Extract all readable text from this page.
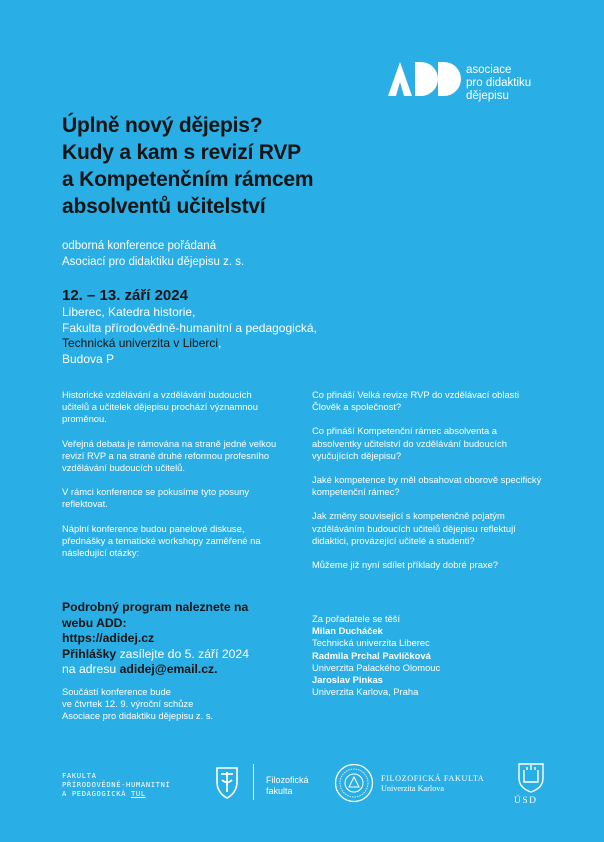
asociace
pro didaktiku
dějepisu
Úplně nový dějepis?
Kudy a kam s revizí RVP
a Kompetenčním rámcem
absolventů učitelství
odborná konference pořádaná
Asociací pro didaktiku dějepisu z. s.
12. – 13. září 2024
Liberec, Katedra historie,
Fakulta přírodovědně-humanitní a pedagogická,
Technická univerzita v Liberci,
Budova P

Historické vzdělávání a vzdělávání budoucích učitelů a učitelek dějepisu prochází významnou proměnou.

Veřejná debata je rámována na straně jedné velkou revizí RVP a na straně druhé reformou profesního vzdělávání budoucích učitelů.

V rámci konference se pokusíme tyto posuny reflektovat.

Náplní konference budou panelové diskuse, přednášky a tematické workshopy zaměřené na následující otázky:

Co přináší Velká revize RVP do vzdělávací oblasti Člověk a společnost?

Co přináší Kompetenční rámec absolventa a absolventky učitelství do vzdělávání budoucích vyučujících dějepisu?

Jaké kompetence by měl obsahovat oborově specifický kompetenční rámec?

Jak změny související s kompetenčně pojatým vzděláváním budoucích učitelů dějepisu reflektují didaktici, provázející učitelé a studenti?

Můžeme již nyní sdílet příklady dobré praxe?

Podrobný program naleznete na
webu ADD:
https://adidej.cz
Přihlášky zasílejte do 5. září 2024
na adresu adidej@email.cz.
Součástí konference bude
ve čtvrtek 12. 9. výroční schůze
Asociace pro didaktiku dějepisu z. s.
Za pořadatele se těší
Milan Ducháček
Technická univerzita Liberec
Radmila Prchal Pavlíčková
Univerzita Palackého Olomouc
Jaroslav Pinkas
Univerzita Karlova, Praha
FAKULTA
PŘÍRODOVĚDNĚ-HUMANITNÍ
A PEDAGOGICKÁ TUL
Filozofická
fakulta
FILOZOFICKÁ FAKULTA
Univerzita Karlova
ÚSD
